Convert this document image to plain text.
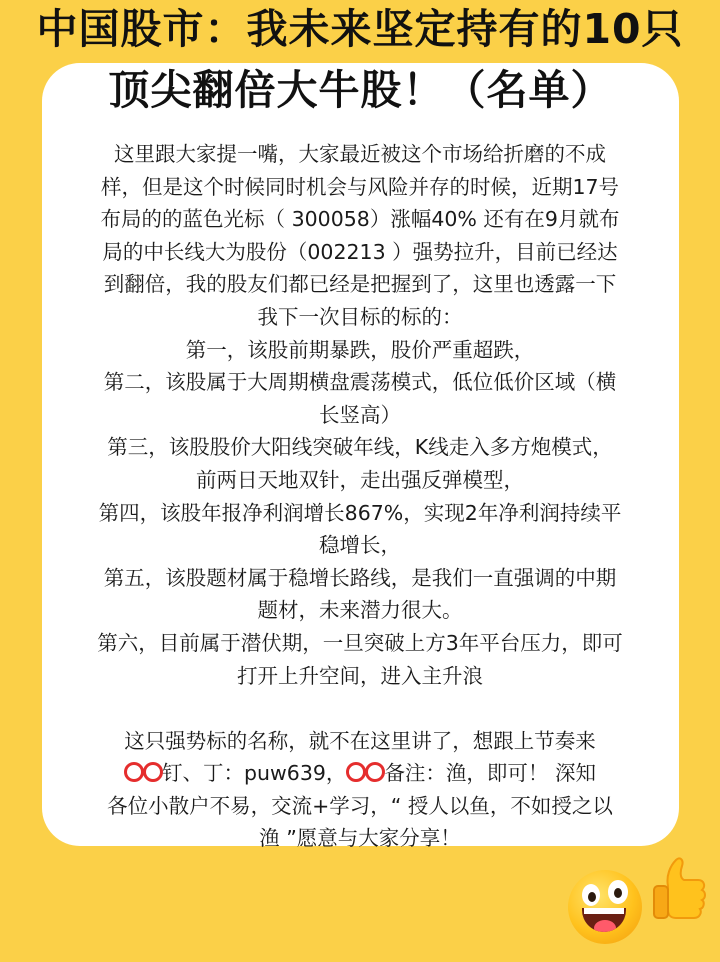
中国股市：我未来坚定持有的10只
顶尖翻倍大牛股！（名单）

这里跟大家提一嘴，大家最近被这个市场给折磨的不成

样，但是这个时候同时机会与风险并存的时候，近期17号

布局的的蓝色光标（ 300058）涨幅40% 还有在9月就布

局的中长线大为股份（002213 ）强势拉升，目前已经达

到翻倍，我的股友们都已经是把握到了，这里也透露一下

我下一次目标的标的：

第一，该股前期暴跌，股价严重超跌，

第二，该股属于大周期横盘震荡模式，低位低价区域（横

长竖高）

第三，该股股价大阳线突破年线，K线走入多方炮模式，

前两日天地双针，走出强反弹模型，

第四，该股年报净利润增长867%，实现2年净利润持续平

稳增长，

第五，该股题材属于稳增长路线，是我们一直强调的中期

题材，未来潜力很大。

第六，目前属于潜伏期，一旦突破上方3年平台压力，即可

打开上升空间，进入主升浪

这只强势标的名称，就不在这里讲了，想跟上节奏来

钉、丁：puw639， 备注：渔，即可！ 深知

各位小散户不易，交流+学习，“ 授人以鱼，不如授之以

渔 ”愿意与大家分享！
